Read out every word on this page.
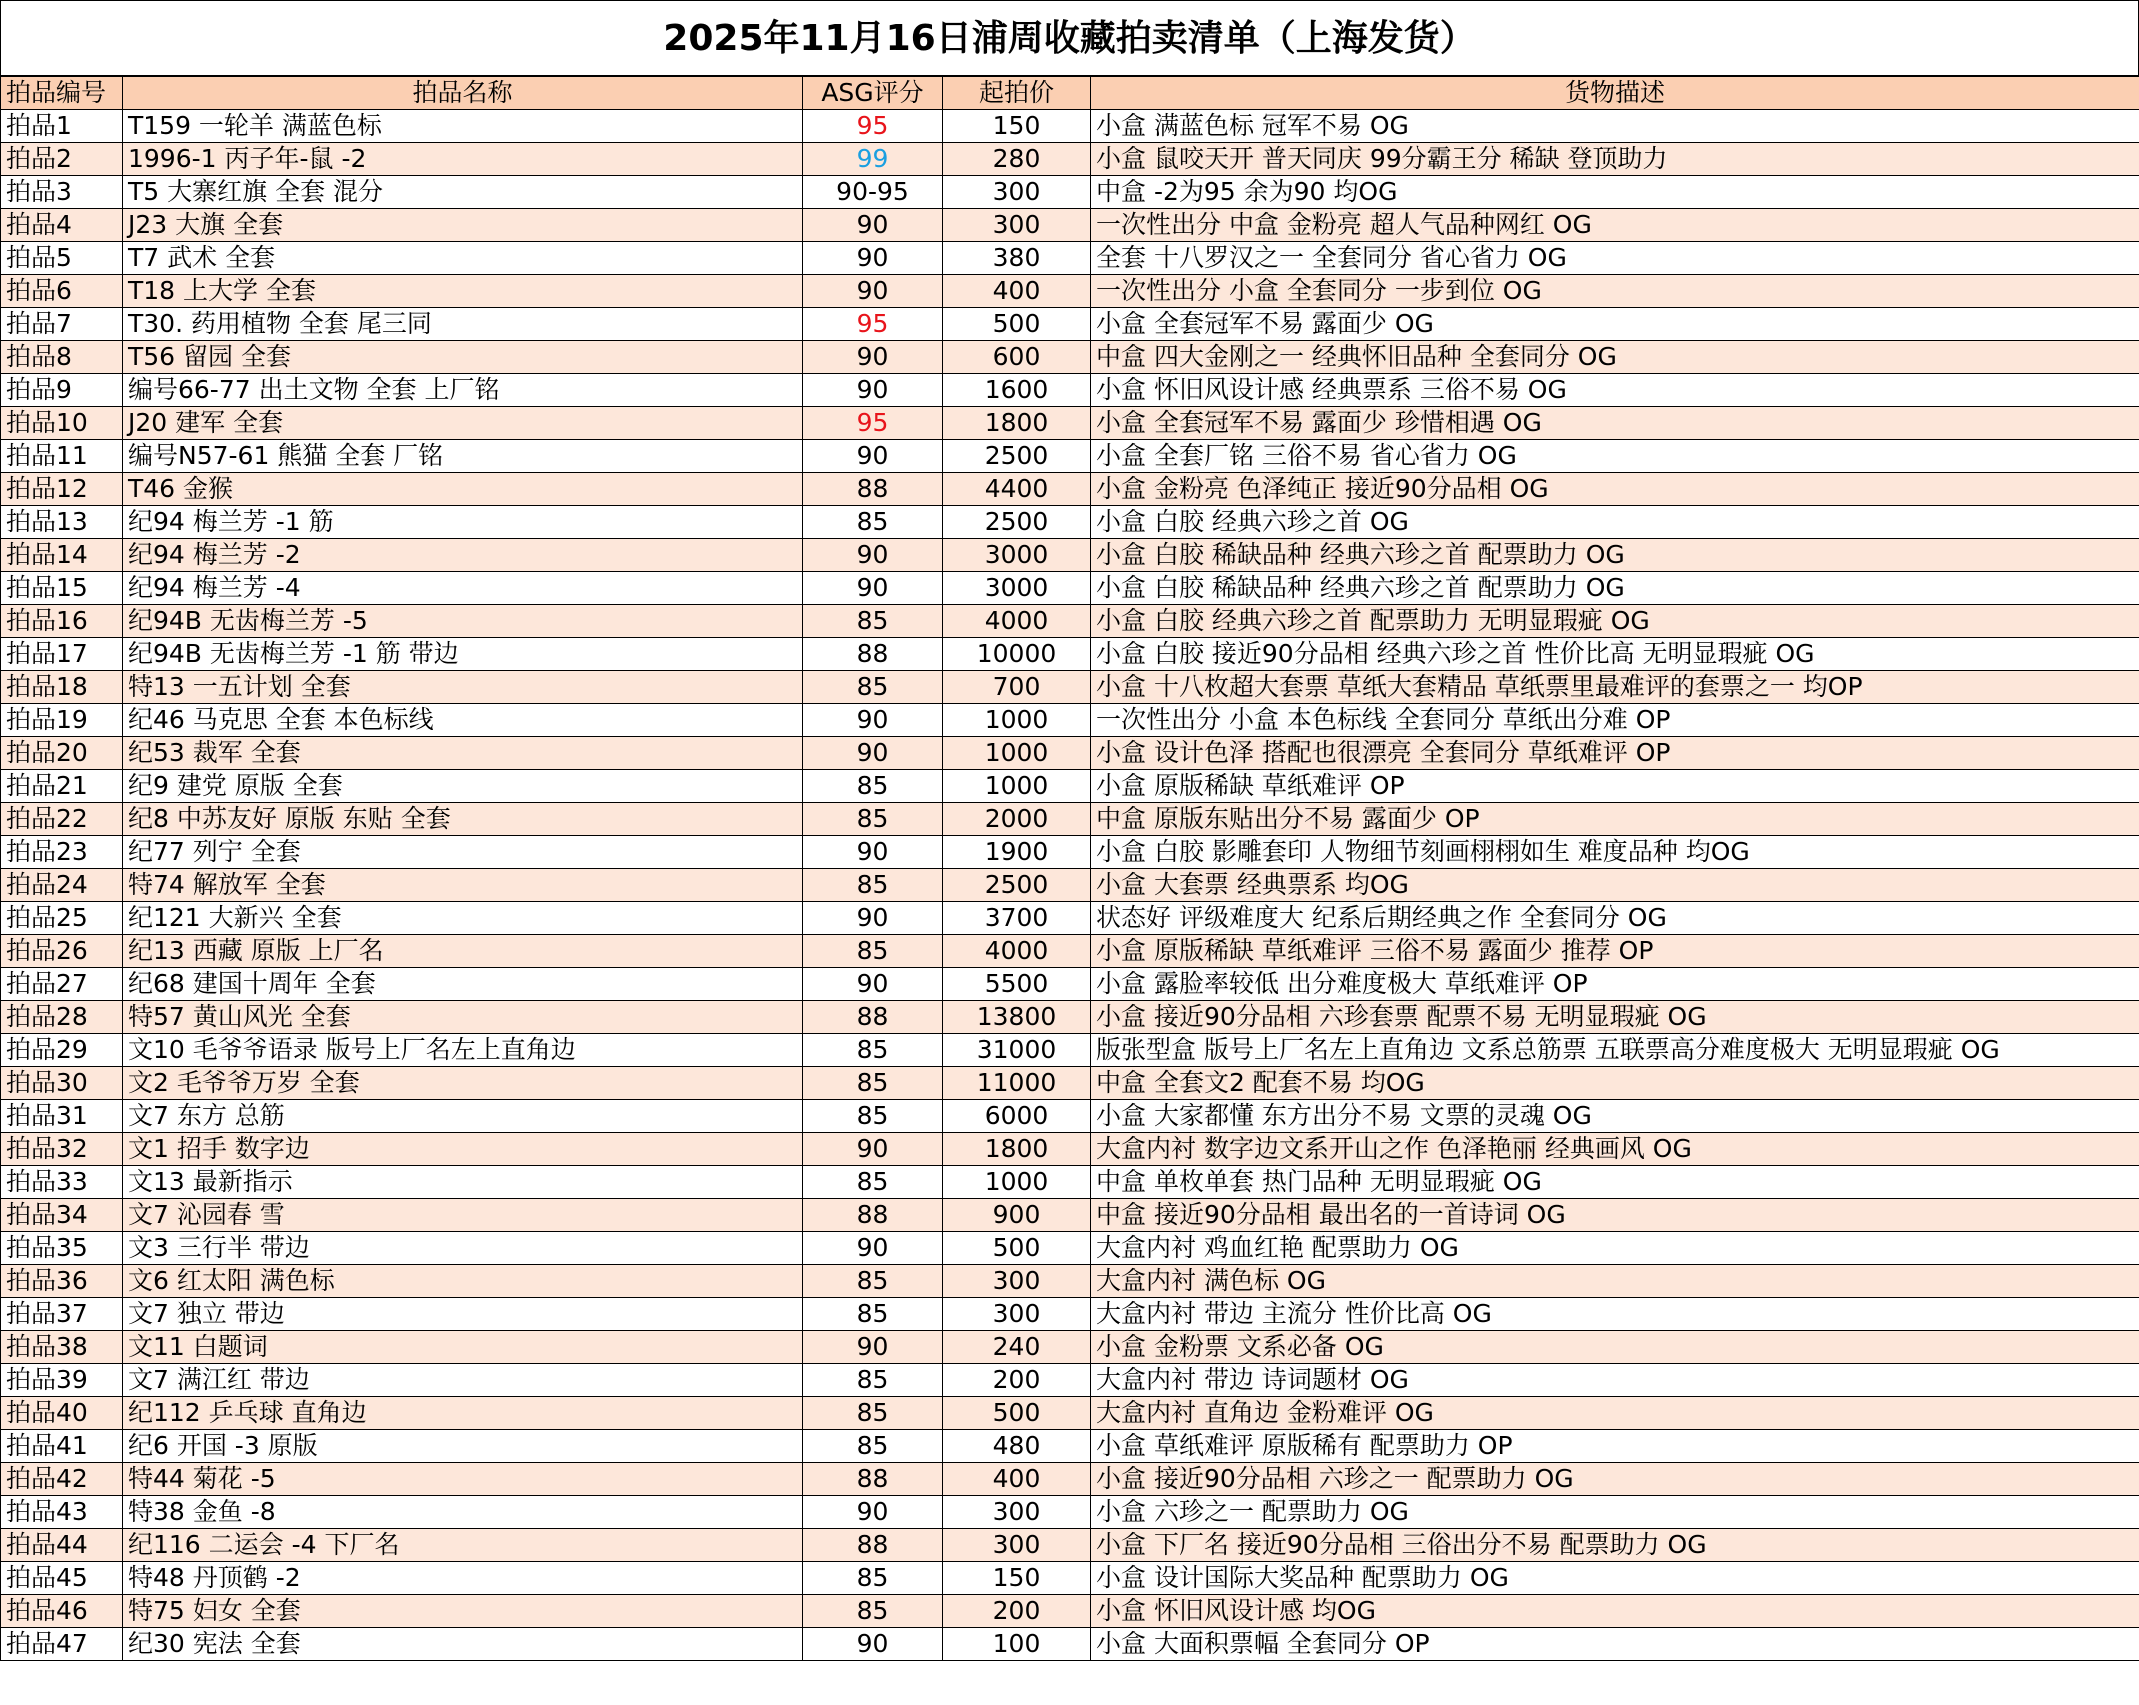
2025年11月16日浦周收藏拍卖清单（上海发货）
拍品编号	拍品名称	ASG评分	起拍价	货物描述
拍品1	T159 一轮羊 满蓝色标	95	150	小盒 满蓝色标 冠军不易 OG
拍品2	1996-1 丙子年-鼠 -2	99	280	小盒 鼠咬天开 普天同庆 99分霸王分 稀缺 登顶助力
拍品3	T5 大寨红旗 全套 混分	90-95	300	中盒 -2为95 余为90 均OG
拍品4	J23 大旗 全套	90	300	一次性出分 中盒 金粉亮 超人气品种网红 OG
拍品5	T7 武术 全套	90	380	全套 十八罗汉之一 全套同分 省心省力 OG
拍品6	T18 上大学 全套	90	400	一次性出分 小盒 全套同分 一步到位 OG
拍品7	T30. 药用植物 全套 尾三同	95	500	小盒 全套冠军不易 露面少 OG
拍品8	T56 留园 全套	90	600	中盒 四大金刚之一 经典怀旧品种 全套同分 OG
拍品9	编号66-77 出土文物 全套 上厂铭	90	1600	小盒 怀旧风设计感 经典票系 三俗不易 OG
拍品10	J20 建军 全套	95	1800	小盒 全套冠军不易 露面少 珍惜相遇 OG
拍品11	编号N57-61 熊猫 全套 厂铭	90	2500	小盒 全套厂铭 三俗不易 省心省力 OG
拍品12	T46 金猴	88	4400	小盒 金粉亮 色泽纯正 接近90分品相 OG
拍品13	纪94 梅兰芳 -1 筋	85	2500	小盒 白胶 经典六珍之首 OG
拍品14	纪94 梅兰芳 -2	90	3000	小盒 白胶 稀缺品种 经典六珍之首 配票助力 OG
拍品15	纪94 梅兰芳 -4	90	3000	小盒 白胶 稀缺品种 经典六珍之首 配票助力 OG
拍品16	纪94B 无齿梅兰芳 -5	85	4000	小盒 白胶 经典六珍之首 配票助力 无明显瑕疵 OG
拍品17	纪94B 无齿梅兰芳 -1 筋 带边	88	10000	小盒 白胶 接近90分品相 经典六珍之首 性价比高 无明显瑕疵 OG
拍品18	特13 一五计划 全套	85	700	小盒 十八枚超大套票 草纸大套精品 草纸票里最难评的套票之一 均OP
拍品19	纪46 马克思 全套 本色标线	90	1000	一次性出分 小盒 本色标线 全套同分 草纸出分难 OP
拍品20	纪53 裁军 全套	90	1000	小盒 设计色泽 搭配也很漂亮 全套同分 草纸难评 OP
拍品21	纪9 建党 原版 全套	85	1000	小盒 原版稀缺 草纸难评 OP
拍品22	纪8 中苏友好 原版 东贴 全套	85	2000	中盒 原版东贴出分不易 露面少 OP
拍品23	纪77 列宁 全套	90	1900	小盒 白胶 影雕套印 人物细节刻画栩栩如生 难度品种 均OG
拍品24	特74 解放军 全套	85	2500	小盒 大套票 经典票系 均OG
拍品25	纪121 大新兴 全套	90	3700	状态好 评级难度大 纪系后期经典之作 全套同分 OG
拍品26	纪13 西藏 原版 上厂名	85	4000	小盒 原版稀缺 草纸难评 三俗不易 露面少 推荐 OP
拍品27	纪68 建国十周年 全套	90	5500	小盒 露脸率较低 出分难度极大 草纸难评 OP
拍品28	特57 黄山风光 全套	88	13800	小盒 接近90分品相 六珍套票 配票不易 无明显瑕疵 OG
拍品29	文10 毛爷爷语录 版号上厂名左上直角边	85	31000	版张型盒 版号上厂名左上直角边 文系总筋票 五联票高分难度极大 无明显瑕疵 OG
拍品30	文2 毛爷爷万岁 全套	85	11000	中盒 全套文2 配套不易 均OG
拍品31	文7 东方 总筋	85	6000	小盒 大家都懂 东方出分不易 文票的灵魂 OG
拍品32	文1 招手 数字边	90	1800	大盒内衬 数字边文系开山之作 色泽艳丽 经典画风 OG
拍品33	文13 最新指示	85	1000	中盒 单枚单套 热门品种 无明显瑕疵 OG
拍品34	文7 沁园春 雪	88	900	中盒 接近90分品相 最出名的一首诗词 OG
拍品35	文3 三行半 带边	90	500	大盒内衬 鸡血红艳 配票助力 OG
拍品36	文6 红太阳 满色标	85	300	大盒内衬 满色标 OG
拍品37	文7 独立 带边	85	300	大盒内衬 带边 主流分 性价比高 OG
拍品38	文11 白题词	90	240	小盒 金粉票 文系必备 OG
拍品39	文7 满江红 带边	85	200	大盒内衬 带边 诗词题材 OG
拍品40	纪112 乒乓球 直角边	85	500	大盒内衬 直角边 金粉难评 OG
拍品41	纪6 开国 -3 原版	85	480	小盒 草纸难评 原版稀有 配票助力 OP
拍品42	特44 菊花 -5	88	400	小盒 接近90分品相 六珍之一 配票助力 OG
拍品43	特38 金鱼 -8	90	300	小盒 六珍之一 配票助力 OG
拍品44	纪116 二运会 -4 下厂名	88	300	小盒 下厂名 接近90分品相 三俗出分不易 配票助力 OG
拍品45	特48 丹顶鹤 -2	85	150	小盒 设计国际大奖品种 配票助力 OG
拍品46	特75 妇女 全套	85	200	小盒 怀旧风设计感 均OG
拍品47	纪30 宪法 全套	90	100	小盒 大面积票幅 全套同分 OP
